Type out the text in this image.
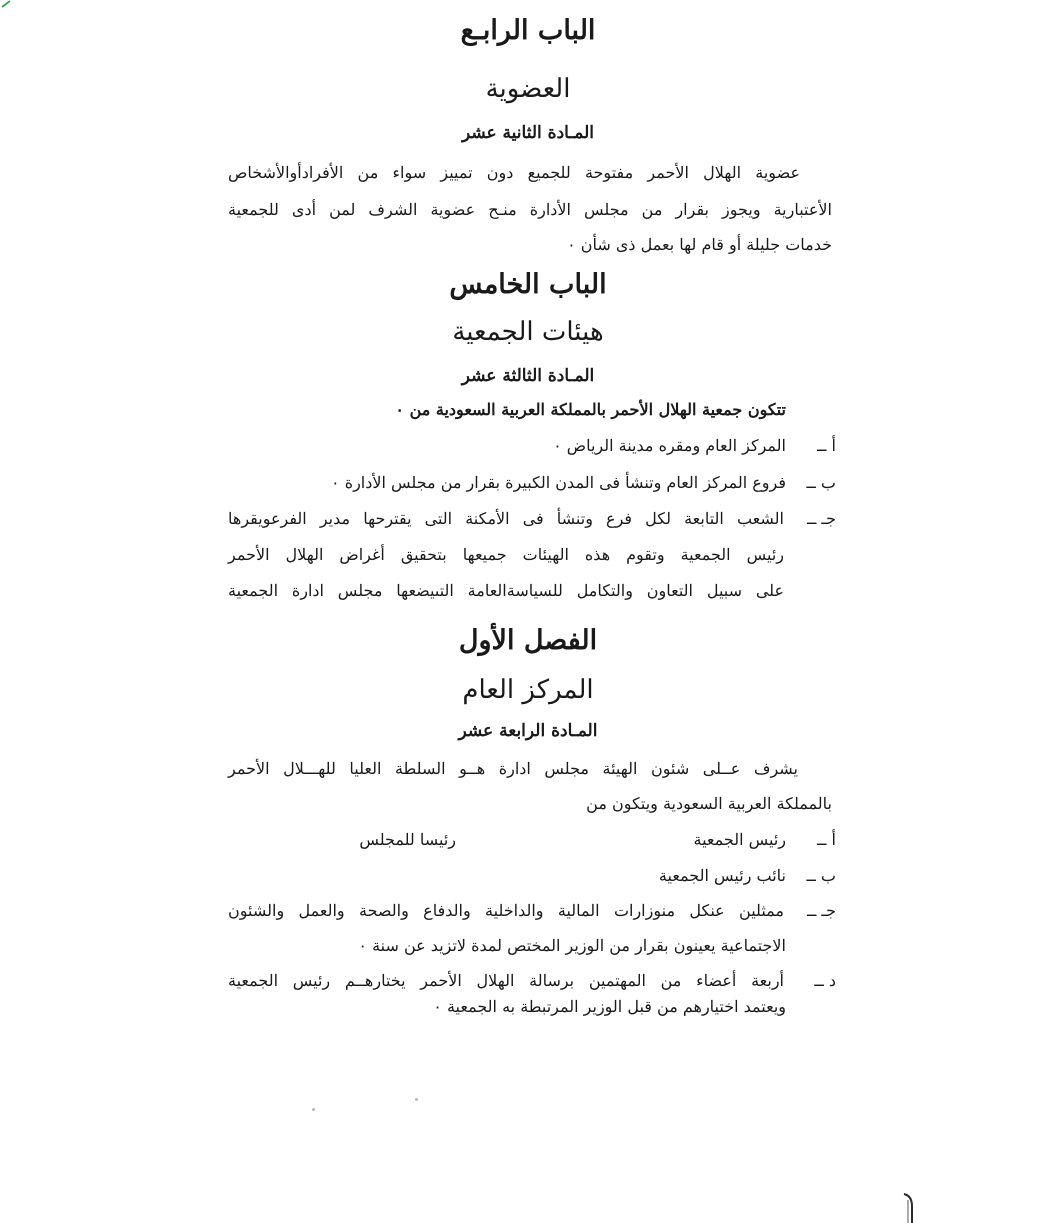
الباب الرابـع
العضوية
المـادة الثانية عشر
عضوية الهلال الأحمر مفتوحة للجميع دون تمييز سواء من الأفرادأوالأشخاص
الأعتبارية ويجوز بقرار من مجلس الأدارة منـح عضوية الشرف لمن أدى للجمعية
خدمات جليلة أو قام لها بعمل ذى شأن ٠
الباب الخامس
هيئات الجمعية
المـادة الثالثة عشر
تتكون جمعية الهلال الأحمر بالمملكة العربية السعودية من ٠
أ ــ
المركز العام ومقره مدينة الرياض ٠
ب ــ
فروع المركز العام وتنشأ فى المدن الكبيرة بقرار من مجلس الأدارة ٠
جـ ــ
الشعب التابعة لكل فرع وتنشأ فى الأمكنة التى يقترحها مدير الفرعويقرها
رئيس الجمعية وتقوم هذه الهيئات جميعها بتحقيق أغراض الهلال الأحمر
على سبيل التعاون والتكامل للسياسةالعامة التىيضعها مجلس ادارة الجمعية
الفصل الأول
المركز العام
المـادة الرابعة عشر
يشرف عــلى شئون الهيئة مجلس ادارة هــو السلطة العليا للهـــلال الأحمر
بالمملكة العربية السعودية ويتكون من
أ ــ
رئيس الجمعية
رئيسا للمجلس
ب ــ
نائب رئيس الجمعية
جـ ــ
ممثلين عنكل منوزارات المالية والداخلية والدفاع والصحة والعمل والشئون
الاجتماعية يعينون بقرار من الوزير المختص لمدة لاتزيد عن سنة ٠
د ــ
أربعة أعضاء من المهتمين برسالة الهلال الأحمر يختارهــم رئيس الجمعية
ويعتمد اختيارهم من قبل الوزير المرتبطة به الجمعية ٠
